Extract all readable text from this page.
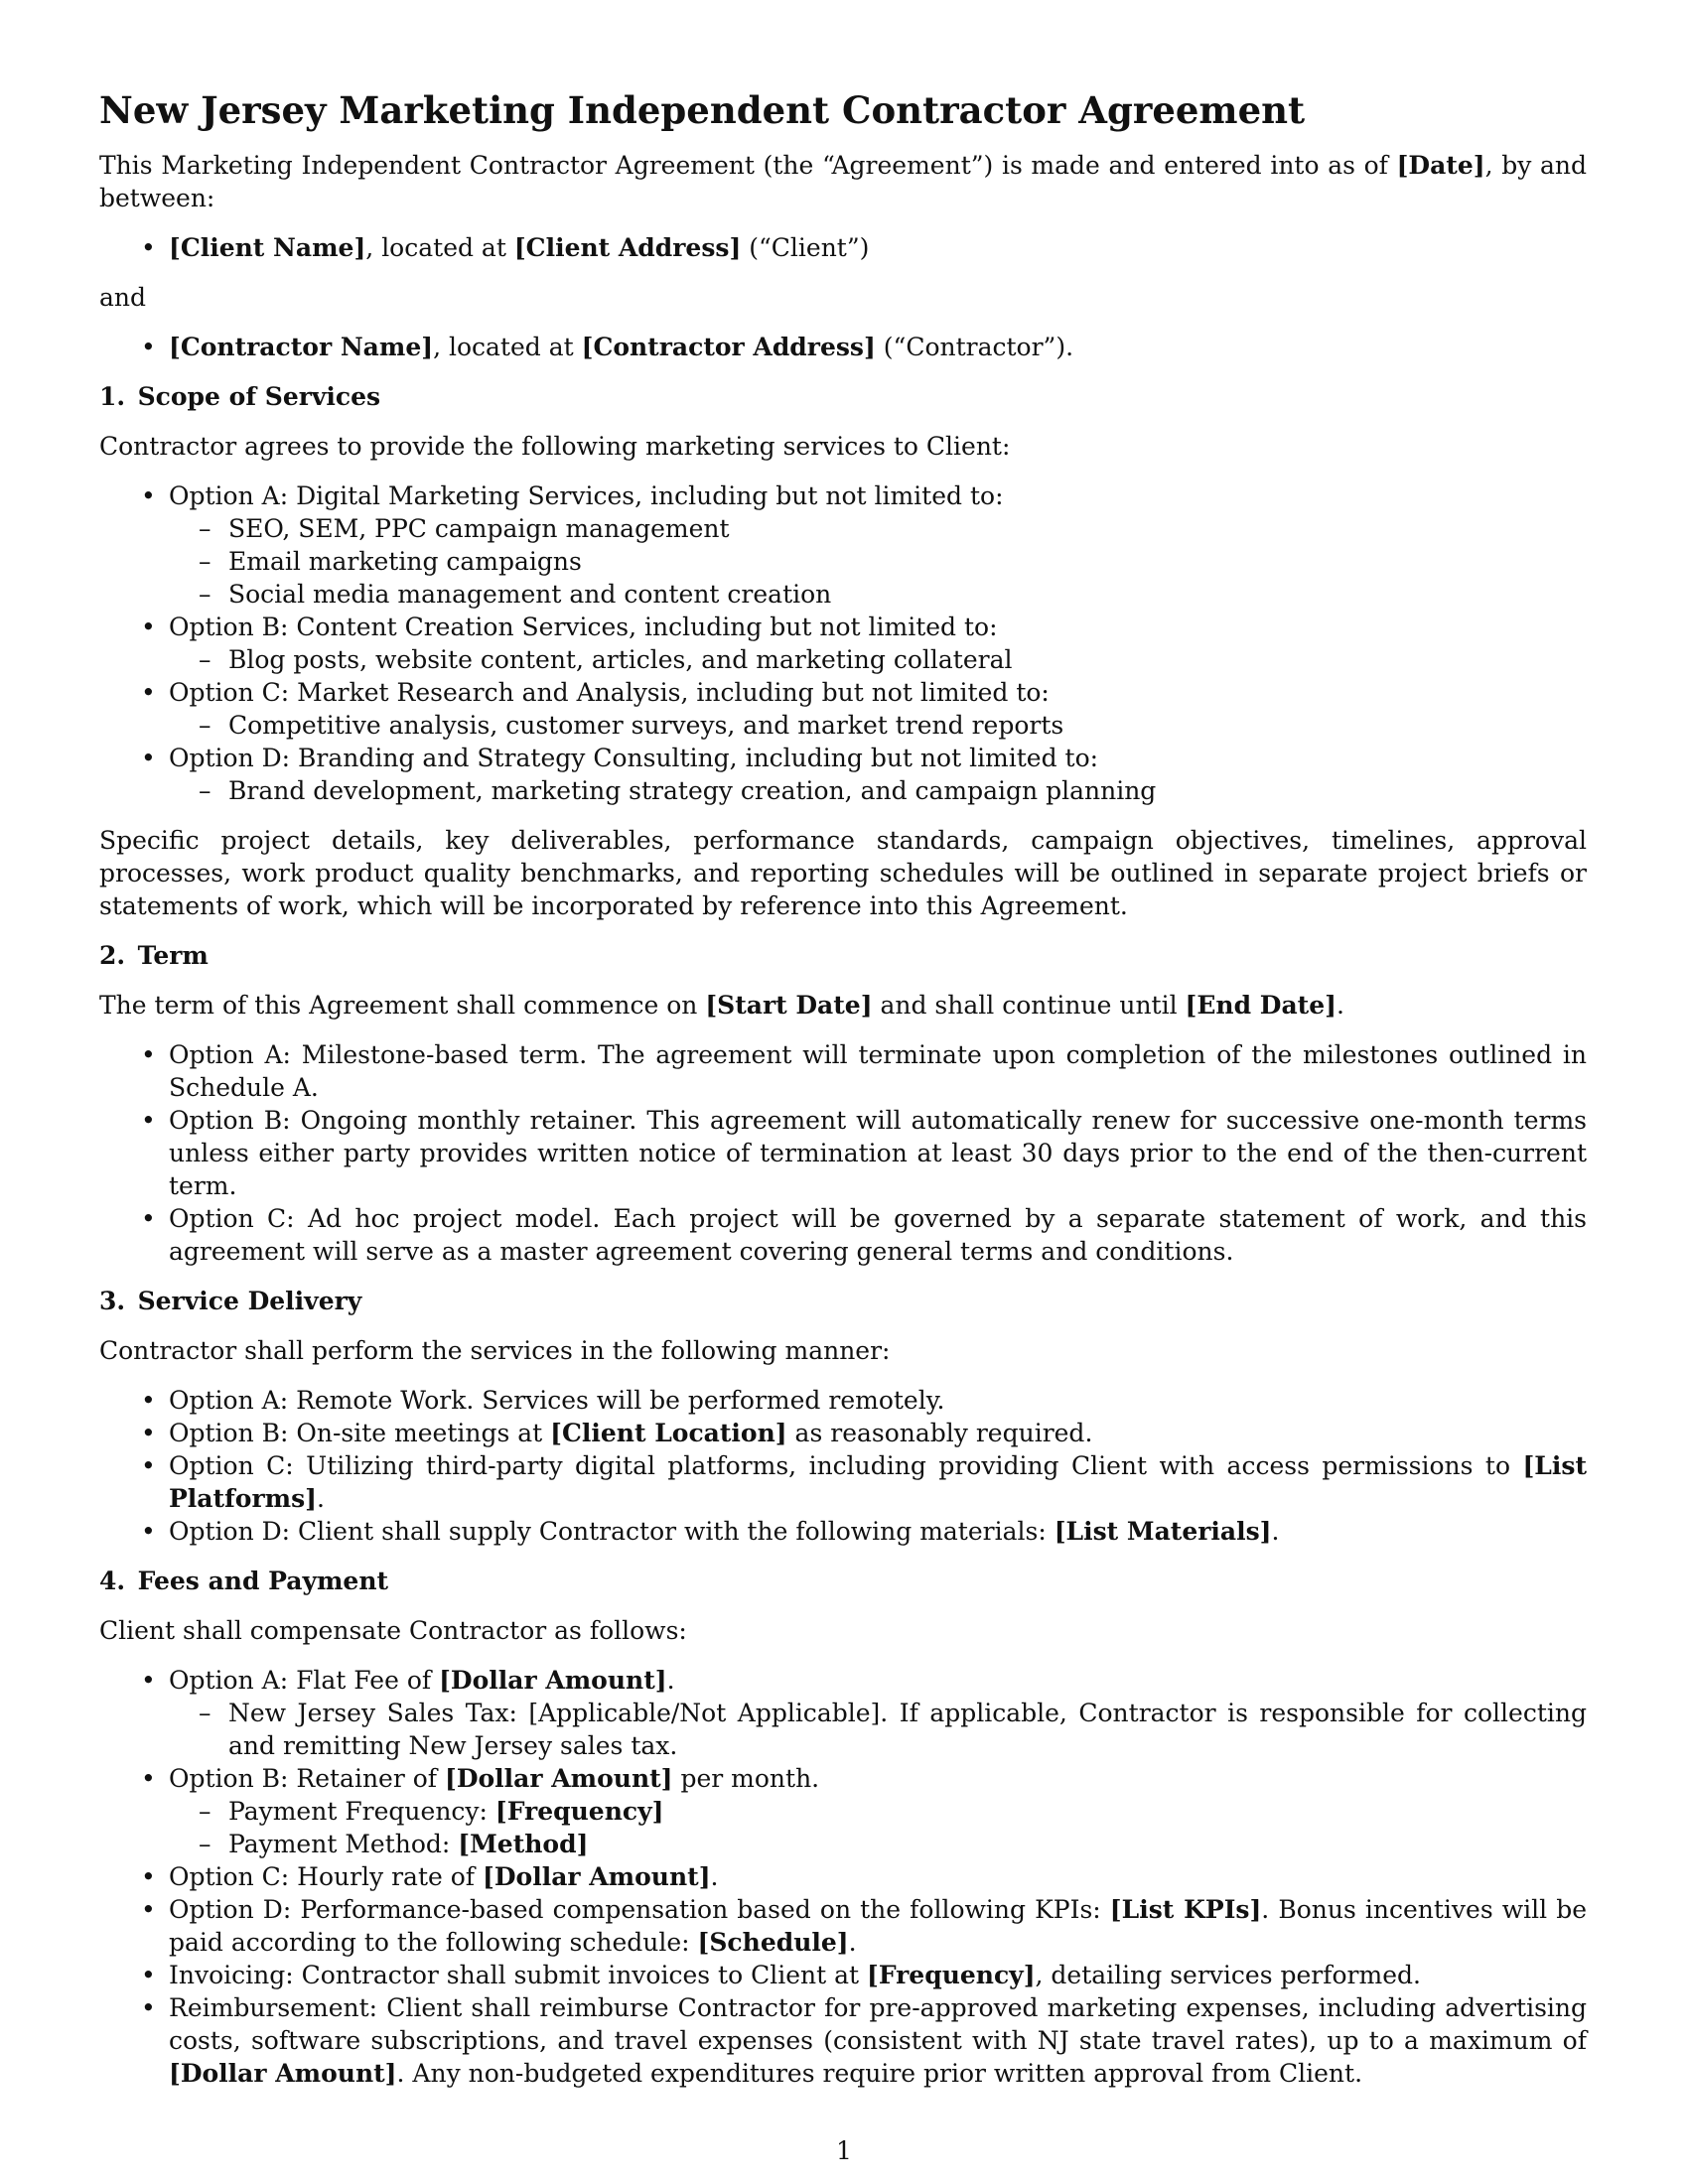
New Jersey Marketing Independent Contractor Agreement

This Marketing Independent Contractor Agreement (the “Agreement”) is made and entered into as of [Date], by and between:

• [Client Name], located at [Client Address] (“Client”)

and

• [Contractor Name], located at [Contractor Address] (“Contractor”).
1. Scope of Services

Contractor agrees to provide the following marketing services to Client:

• Option A: Digital Marketing Services, including but not limited to:
– SEO, SEM, PPC campaign management
– Email marketing campaigns
– Social media management and content creation
• Option B: Content Creation Services, including but not limited to:
– Blog posts, website content, articles, and marketing collateral
• Option C: Market Research and Analysis, including but not limited to:
– Competitive analysis, customer surveys, and market trend reports
• Option D: Branding and Strategy Consulting, including but not limited to:
– Brand development, marketing strategy creation, and campaign planning

Specific project details, key deliverables, performance standards, campaign objectives, timelines, approval processes, work product quality benchmarks, and reporting schedules will be outlined in separate project briefs or statements of work, which will be incorporated by reference into this Agreement.

2. Term

The term of this Agreement shall commence on [Start Date] and shall continue until [End Date].

• Option A: Milestone-based term. The agreement will terminate upon completion of the milestones outlined in Schedule A.
• Option B: Ongoing monthly retainer. This agreement will automatically renew for successive one-month terms unless either party provides written notice of termination at least 30 days prior to the end of the then-current term.
• Option C: Ad hoc project model. Each project will be governed by a separate statement of work, and this agreement will serve as a master agreement covering general terms and conditions.
3. Service Delivery

Contractor shall perform the services in the following manner:

• Option A: Remote Work. Services will be performed remotely.
• Option B: On-site meetings at [Client Location] as reasonably required.
• Option C: Utilizing third-party digital platforms, including providing Client with access permissions to [List Platforms].
• Option D: Client shall supply Contractor with the following materials: [List Materials].
4. Fees and Payment

Client shall compensate Contractor as follows:

• Option A: Flat Fee of [Dollar Amount].
– New Jersey Sales Tax: [Applicable/Not Applicable]. If applicable, Contractor is responsible for collecting and remitting New Jersey sales tax.
• Option B: Retainer of [Dollar Amount] per month.
– Payment Frequency: [Frequency]
– Payment Method: [Method]
• Option C: Hourly rate of [Dollar Amount].
• Option D: Performance-based compensation based on the following KPIs: [List KPIs]. Bonus incentives will be paid according to the following schedule: [Schedule].
• Invoicing: Contractor shall submit invoices to Client at [Frequency], detailing services performed.
• Reimbursement: Client shall reimburse Contractor for pre-approved marketing expenses, including advertising costs, software subscriptions, and travel expenses (consistent with NJ state travel rates), up to a maximum of [Dollar Amount]. Any non-budgeted expenditures require prior written approval from Client.
1
